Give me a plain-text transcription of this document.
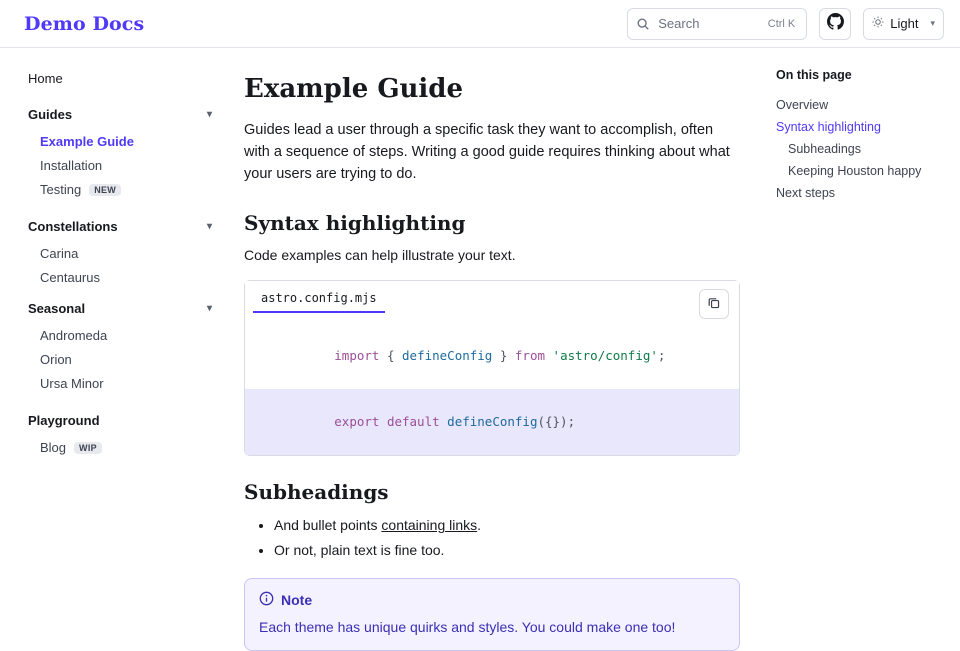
Demo Docs	Search	Ctrl K	Light ▾
Home
Guides	▾
Example Guide
Installation
Testing	NEW
Constellations	▾
Carina
Centaurus
Seasonal	▾
Andromeda
Orion
Ursa Minor
Playground
Blog	WIP
Example Guide

Guides lead a user through a specific task they want to accomplish, often with a sequence of steps. Writing a good guide requires thinking about what your users are trying to do.

Syntax highlighting

Code examples can help illustrate your text.

astro.config.mjs

import { defineConfig } from 'astro/config';

export default defineConfig({});

Subheadings
• And bullet points containing links.
• Or not, plain text is fine too.
Note
Each theme has unique quirks and styles. You could make one too!
On this page
Overview
Syntax highlighting
Subheadings
Keeping Houston happy
Next steps
